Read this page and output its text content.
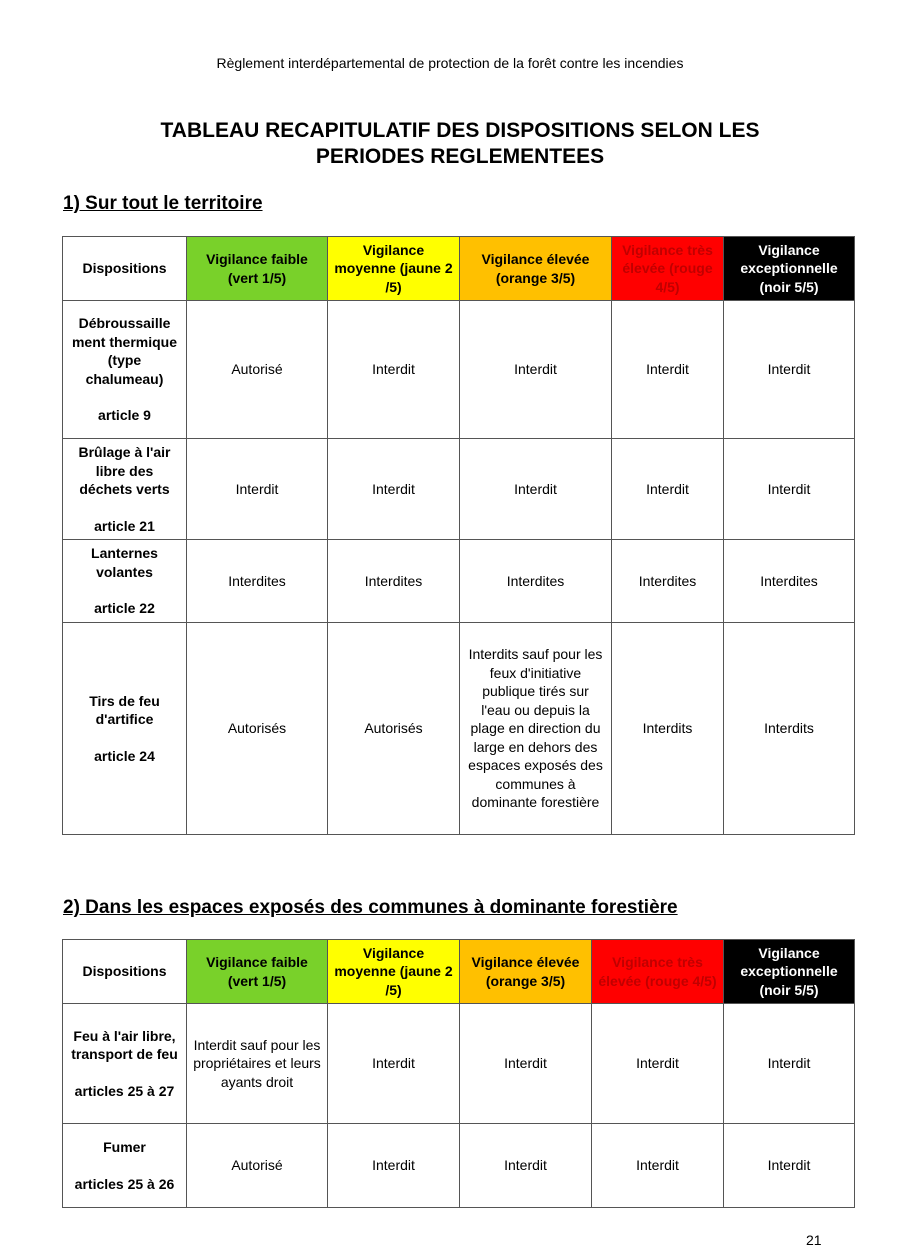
Règlement interdépartemental de protection de la forêt contre les incendies
TABLEAU RECAPITULATIF DES DISPOSITIONS SELON LES
PERIODES REGLEMENTEES
1) Sur tout le territoire
Dispositions	Vigilance faible (vert 1/5)	Vigilance moyenne (jaune 2 /5)	Vigilance élevée (orange 3/5)	Vigilance très élevée (rouge 4/5)	Vigilance exceptionnelle (noir 5/5)
Débroussaille ment thermique (type chalumeau)
article 9	Autorisé	Interdit	Interdit	Interdit	Interdit
Brûlage à l'air libre des déchets verts
article 21	Interdit	Interdit	Interdit	Interdit	Interdit
Lanternes volantes
article 22	Interdites	Interdites	Interdites	Interdites	Interdites
Tirs de feu d'artifice
article 24	Autorisés	Autorisés	Interdits sauf pour les feux d'initiative publique tirés sur l'eau ou depuis la plage en direction du large en dehors des espaces exposés des communes à dominante forestière	Interdits	Interdits
2) Dans les espaces exposés des communes à dominante forestière
Dispositions	Vigilance faible (vert 1/5)	Vigilance moyenne (jaune 2 /5)	Vigilance élevée (orange 3/5)	Vigilance très élevée (rouge 4/5)	Vigilance exceptionnelle (noir 5/5)
Feu à l'air libre, transport de feu
articles 25 à 27	Interdit sauf pour les propriétaires et leurs ayants droit	Interdit	Interdit	Interdit	Interdit
Fumer
articles 25 à 26	Autorisé	Interdit	Interdit	Interdit	Interdit
21
